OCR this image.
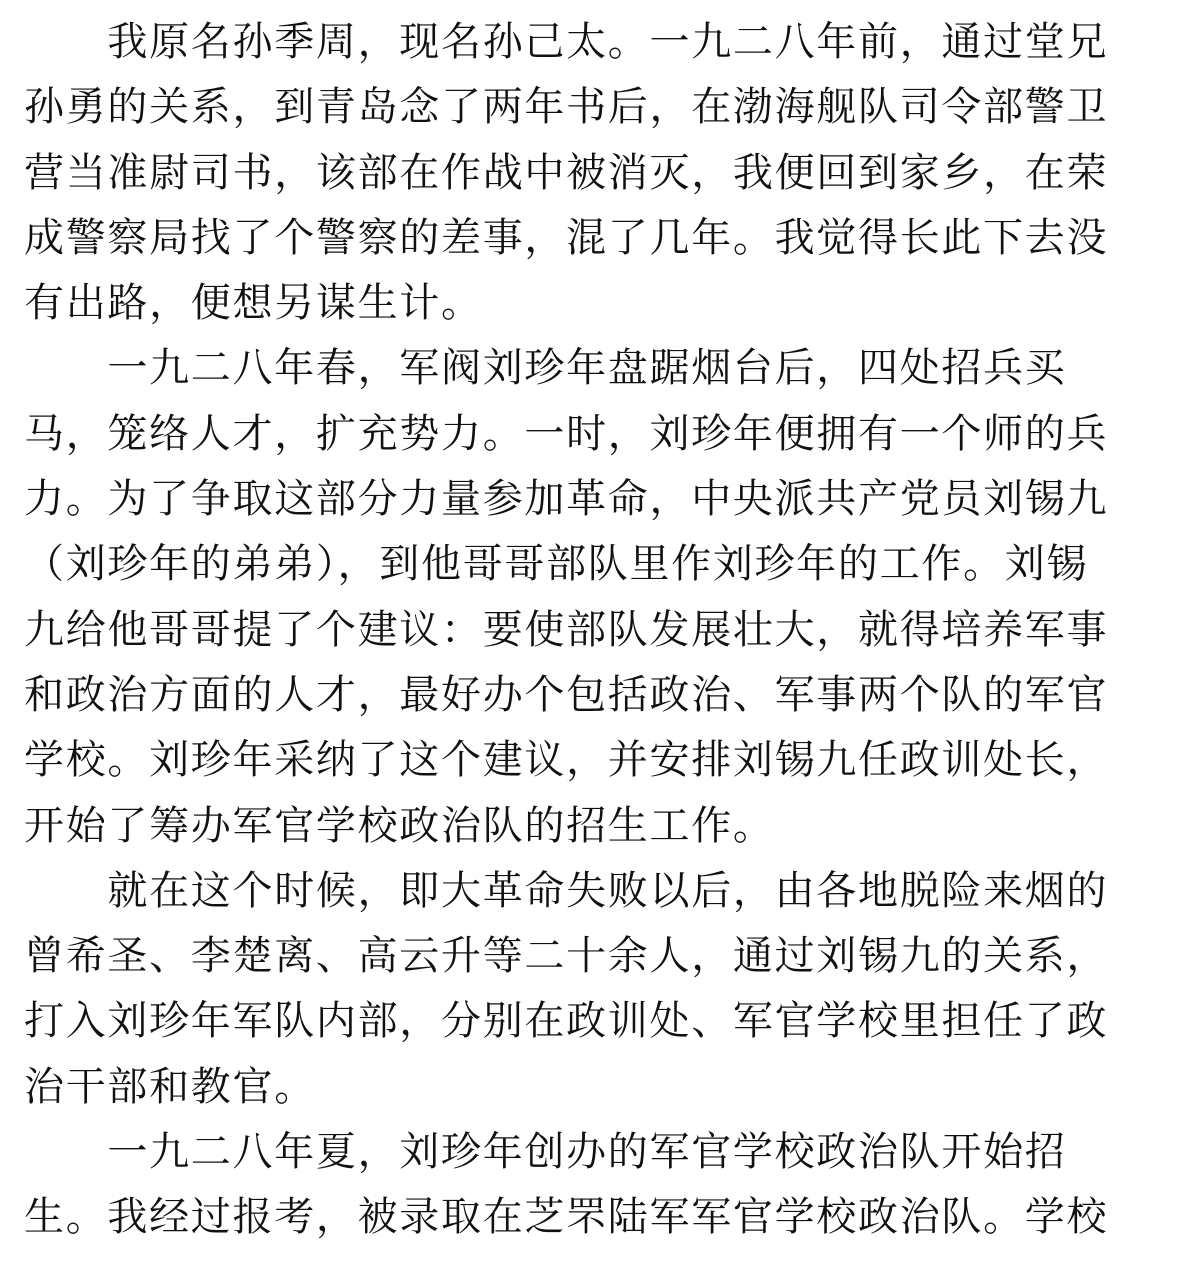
　　我原名孙季周，现名孙己太。一九二八年前，通过堂兄
孙勇的关系，到青岛念了两年书后，在渤海舰队司令部警卫
营当准尉司书，该部在作战中被消灭，我便回到家乡，在荣
成警察局找了个警察的差事，混了几年。我觉得长此下去没
有出路，便想另谋生计。
　　一九二八年春，军阀刘珍年盘踞烟台后，四处招兵买
马，笼络人才，扩充势力。一时，刘珍年便拥有一个师的兵
力。为了争取这部分力量参加革命，中央派共产党员刘锡九
（刘珍年的弟弟），到他哥哥部队里作刘珍年的工作。刘锡
九给他哥哥提了个建议：要使部队发展壮大，就得培养军事
和政治方面的人才，最好办个包括政治、军事两个队的军官
学校。刘珍年采纳了这个建议，并安排刘锡九任政训处长，
开始了筹办军官学校政治队的招生工作。
　　就在这个时候，即大革命失败以后，由各地脱险来烟的
曾希圣、李楚离、高云升等二十余人，通过刘锡九的关系，
打入刘珍年军队内部，分别在政训处、军官学校里担任了政
治干部和教官。
　　一九二八年夏，刘珍年创办的军官学校政治队开始招
生。我经过报考，被录取在芝罘陆军军官学校政治队。学校
